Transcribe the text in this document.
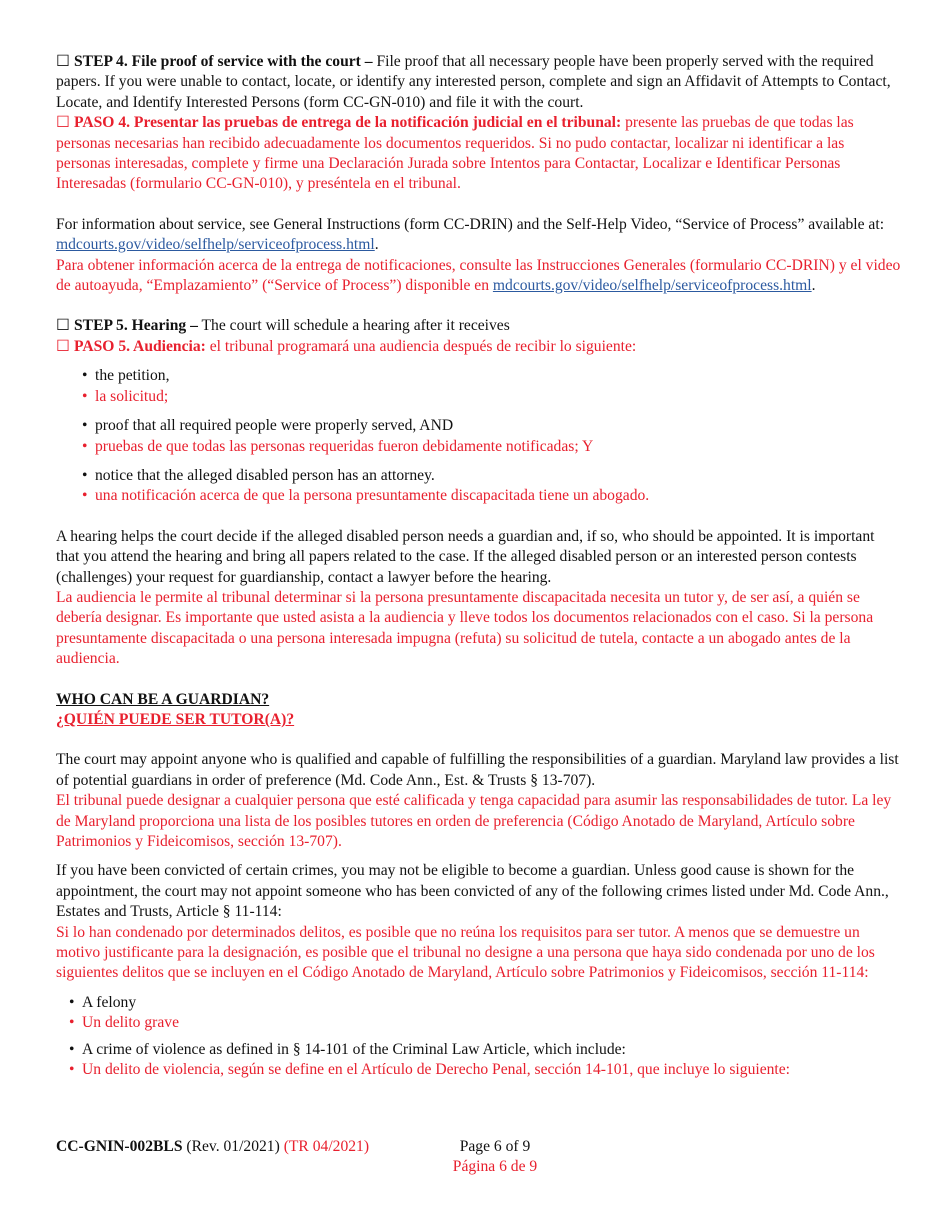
☐ STEP 4. File proof of service with the court – File proof that all necessary people have been properly served with the required papers. If you were unable to contact, locate, or identify any interested person, complete and sign an Affidavit of Attempts to Contact, Locate, and Identify Interested Persons (form CC-GN-010) and file it with the court.

☐ PASO 4. Presentar las pruebas de entrega de la notificación judicial en el tribunal: presente las pruebas de que todas las personas necesarias han recibido adecuadamente los documentos requeridos. Si no pudo contactar, localizar ni identificar a las personas interesadas, complete y firme una Declaración Jurada sobre Intentos para Contactar, Localizar e Identificar Personas Interesadas (formulario CC-GN-010), y preséntela en el tribunal.

For information about service, see General Instructions (form CC-DRIN) and the Self-Help Video, “Service of Process” available at: mdcourts.gov/video/selfhelp/serviceofprocess.html.

Para obtener información acerca de la entrega de notificaciones, consulte las Instrucciones Generales (formulario CC-DRIN) y el video de autoayuda, “Emplazamiento” (“Service of Process”) disponible en mdcourts.gov/video/selfhelp/serviceofprocess.html.

☐ STEP 5. Hearing – The court will schedule a hearing after it receives

☐ PASO 5. Audiencia: el tribunal programará una audiencia después de recibir lo siguiente:

• the petition,
• la solicitud;
• proof that all required people were properly served, AND
• pruebas de que todas las personas requeridas fueron debidamente notificadas; Y
• notice that the alleged disabled person has an attorney.
• una notificación acerca de que la persona presuntamente discapacitada tiene un abogado.

A hearing helps the court decide if the alleged disabled person needs a guardian and, if so, who should be appointed. It is important that you attend the hearing and bring all papers related to the case. If the alleged disabled person or an interested person contests (challenges) your request for guardianship, contact a lawyer before the hearing.

La audiencia le permite al tribunal determinar si la persona presuntamente discapacitada necesita un tutor y, de ser así, a quién se debería designar. Es importante que usted asista a la audiencia y lleve todos los documentos relacionados con el caso. Si la persona presuntamente discapacitada o una persona interesada impugna (refuta) su solicitud de tutela, contacte a un abogado antes de la audiencia.

WHO CAN BE A GUARDIAN?

¿QUIÉN PUEDE SER TUTOR(A)?

The court may appoint anyone who is qualified and capable of fulfilling the responsibilities of a guardian. Maryland law provides a list of potential guardians in order of preference (Md. Code Ann., Est. & Trusts § 13-707).

El tribunal puede designar a cualquier persona que esté calificada y tenga capacidad para asumir las responsabilidades de tutor. La ley de Maryland proporciona una lista de los posibles tutores en orden de preferencia (Código Anotado de Maryland, Artículo sobre Patrimonios y Fideicomisos, sección 13-707).

If you have been convicted of certain crimes, you may not be eligible to become a guardian. Unless good cause is shown for the appointment, the court may not appoint someone who has been convicted of any of the following crimes listed under Md. Code Ann., Estates and Trusts, Article § 11-114:

Si lo han condenado por determinados delitos, es posible que no reúna los requisitos para ser tutor. A menos que se demuestre un motivo justificante para la designación, es posible que el tribunal no designe a una persona que haya sido condenada por uno de los siguientes delitos que se incluyen en el Código Anotado de Maryland, Artículo sobre Patrimonios y Fideicomisos, sección 11-114:

• A felony
• Un delito grave
• A crime of violence as defined in § 14-101 of the Criminal Law Article, which include:
• Un delito de violencia, según se define en el Artículo de Derecho Penal, sección 14-101, que incluye lo siguiente:
CC-GNIN-002BLS (Rev. 01/2021) (TR 04/2021)	Page 6 of 9
Página 6 de 9
